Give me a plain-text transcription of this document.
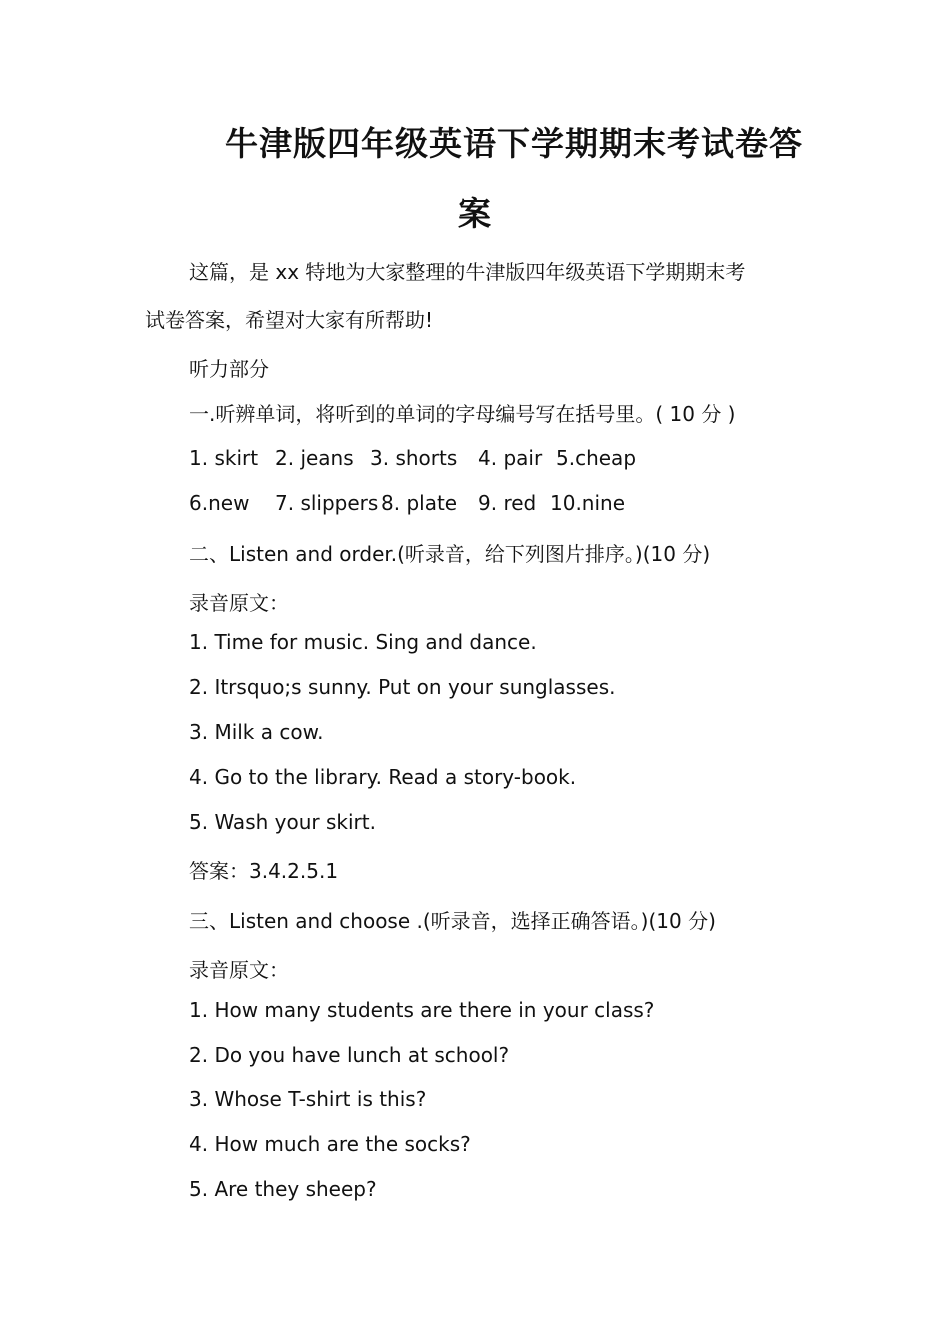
牛津版四年级英语下学期期末考试卷答
案

这篇，是 xx 特地为大家整理的牛津版四年级英语下学期期末考

试卷答案，希望对大家有所帮助!

听力部分

一.听辨单词，将听到的单词的字母编号写在括号里。( 10 分 )

1. skirt 2. jeans 3. shorts 4. pair 5.cheap
6.new 7. slippers 8. plate 9. red 10.nine

二、Listen and order.(听录音，给下列图片排序。)(10 分)

录音原文：

1. Time for music. Sing and dance.

2. Itrsquo;s sunny. Put on your sunglasses.

3. Milk a cow.

4. Go to the library. Read a story-book.

5. Wash your skirt.

答案：3.4.2.5.1

三、Listen and choose .(听录音，选择正确答语。)(10 分)

录音原文：

1. How many students are there in your class?

2. Do you have lunch at school?

3. Whose T-shirt is this?

4. How much are the socks?

5. Are they sheep?
